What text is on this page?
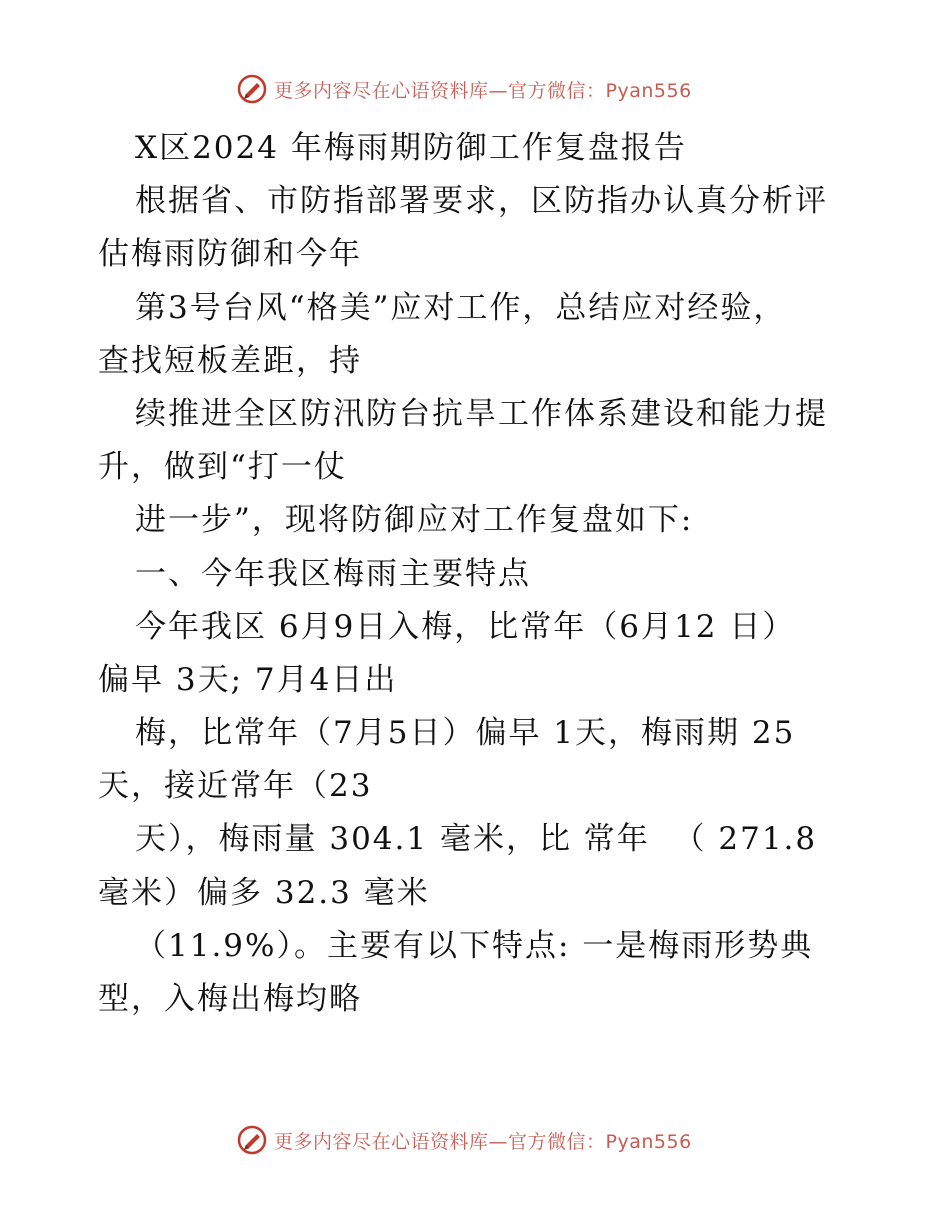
更多内容尽在心语资料库—官方微信：Pyan556
X区2024 年梅雨期防御工作复盘报告
根据省、市防指部署要求，区防指办认真分析评
估梅雨防御和今年
第3号台风“格美”应对工作，总结应对经验，
查找短板差距，持
续推进全区防汛防台抗旱工作体系建设和能力提
升，做到“打一仗
进一步”，现将防御应对工作复盘如下:
一、今年我区梅雨主要特点
今年我区 6月9日入梅，比常年（6月12 日）
偏早 3天; 7月4日出
梅，比常年（7月5日）偏早 1天，梅雨期 25
天，接近常年（23
天），梅雨量 304.1 毫米，比 常年  （ 271.8
毫米）偏多 32.3 毫米
（11.9%）。主要有以下特点: 一是梅雨形势典
型，入梅出梅均略
更多内容尽在心语资料库—官方微信：Pyan556
